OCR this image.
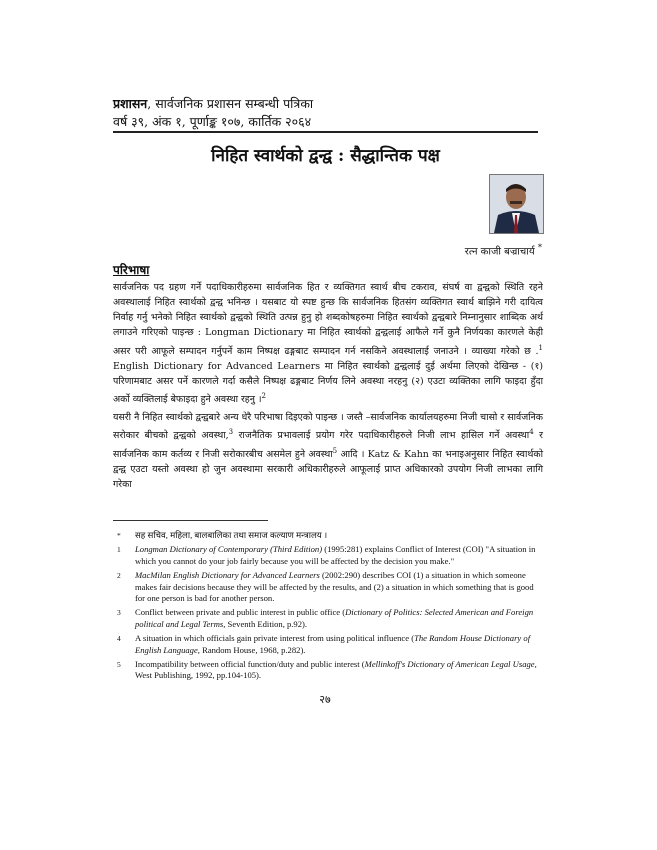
प्रशासन, सार्वजनिक प्रशासन सम्बन्धी पत्रिका
वर्ष ३९, अंक १, पूर्णाङ्क १०७, कार्तिक २०६४
निहित स्वार्थको द्वन्द्व : सैद्धान्तिक पक्ष
रत्न काजी बज्राचार्य *
परिभाषा

सार्वजनिक पद ग्रहण गर्ने पदाधिकारीहरुमा सार्वजनिक हित र व्यक्तिगत स्वार्थ बीच टकराव, संघर्ष वा द्वन्द्वको स्थिति रहने अवस्थालाई निहित स्वार्थको द्वन्द्व भनिन्छ । यसबाट यो स्पष्ट हुन्छ कि सार्वजनिक हितसंग व्यक्तिगत स्वार्थ बाझिने गरी दायित्व निर्वाह गर्नु भनेको निहित स्वार्थको द्वन्द्वको स्थिति उत्पन्न हुनु हो शब्दकोषहरुमा निहित स्वार्थको द्वन्द्वबारे निम्नानुसार शाब्दिक अर्थ लगाउने गरिएको पाइन्छ : Longman Dictionary मा निहित स्वार्थको द्वन्द्वलाई आफैले गर्ने कुनै निर्णयका कारणले केही असर परी आफूले सम्पादन गर्नुपर्ने काम निष्पक्ष ढङ्गबाट सम्पादन गर्न नसकिने अवस्थालाई जनाउने । व्याख्या गरेको छ .$^1$ English Dictionary for Advanced Learners मा निहित स्वार्थको द्वन्द्वलाई दुई अर्थमा लिएको देखिन्छ - (१) परिणामबाट असर पर्ने कारणले गर्दा कसैले निष्पक्ष ढङ्गबाट निर्णय लिने अवस्था नरहनु (२) एउटा व्यक्तिका लागि फाइदा हुँदा अर्को व्यक्तिलाई बेफाइदा हुने अवस्था रहनु ।$^2$

यसरी नै निहित स्वार्थको द्वन्द्वबारे अन्य धेरै परिभाषा दिइएको पाइन्छ । जस्तै –सार्वजनिक कार्यालयहरुमा निजी चासो र सार्वजनिक सरोकार बीचको द्वन्द्वको अवस्था,$^3$ राजनैतिक प्रभावलाई प्रयोग गरेर पदाधिकारीहरुले निजी लाभ हासिल गर्ने अवस्था$^4$ र सार्वजनिक काम कर्तव्य र निजी सरोकारबीच असमेल हुने अवस्था$^5$ आदि । Katz & Kahn का भनाइअनुसार निहित स्वार्थको द्वन्द्व एउटा यस्तो अवस्था हो जुन अवस्थामा सरकारी अधिकारीहरुले आफूलाई प्राप्त अधिकारको उपयोग निजी लाभका लागि गरेका

* सह सचिव, महिला, बालबालिका तथा समाज कल्याण मन्त्रालय ।
1 Longman Dictionary of Contemporary (Third Edition) (1995:281) explains Conflict of Interest (COI) "A situation in which you cannot do your job fairly because you will be affected by the decision you make."
2 MacMilan English Dictionary for Advanced Learners (2002:290) describes COI (1) a situation in which someone makes fair decisions because they will be affected by the results, and (2) a situation in which something that is good for one person is bad for another person.
3 Conflict between private and public interest in public office (Dictionary of Politics: Selected American and Foreign political and Legal Terms, Seventh Edition, p.92).
4 A situation in which officials gain private interest from using political influence (The Random House Dictionary of English Language, Random House, 1968, p.282).
5 Incompatibility between official function/duty and public interest (Mellinkoff's Dictionary of American Legal Usage, West Publishing, 1992, pp.104-105).
२७
